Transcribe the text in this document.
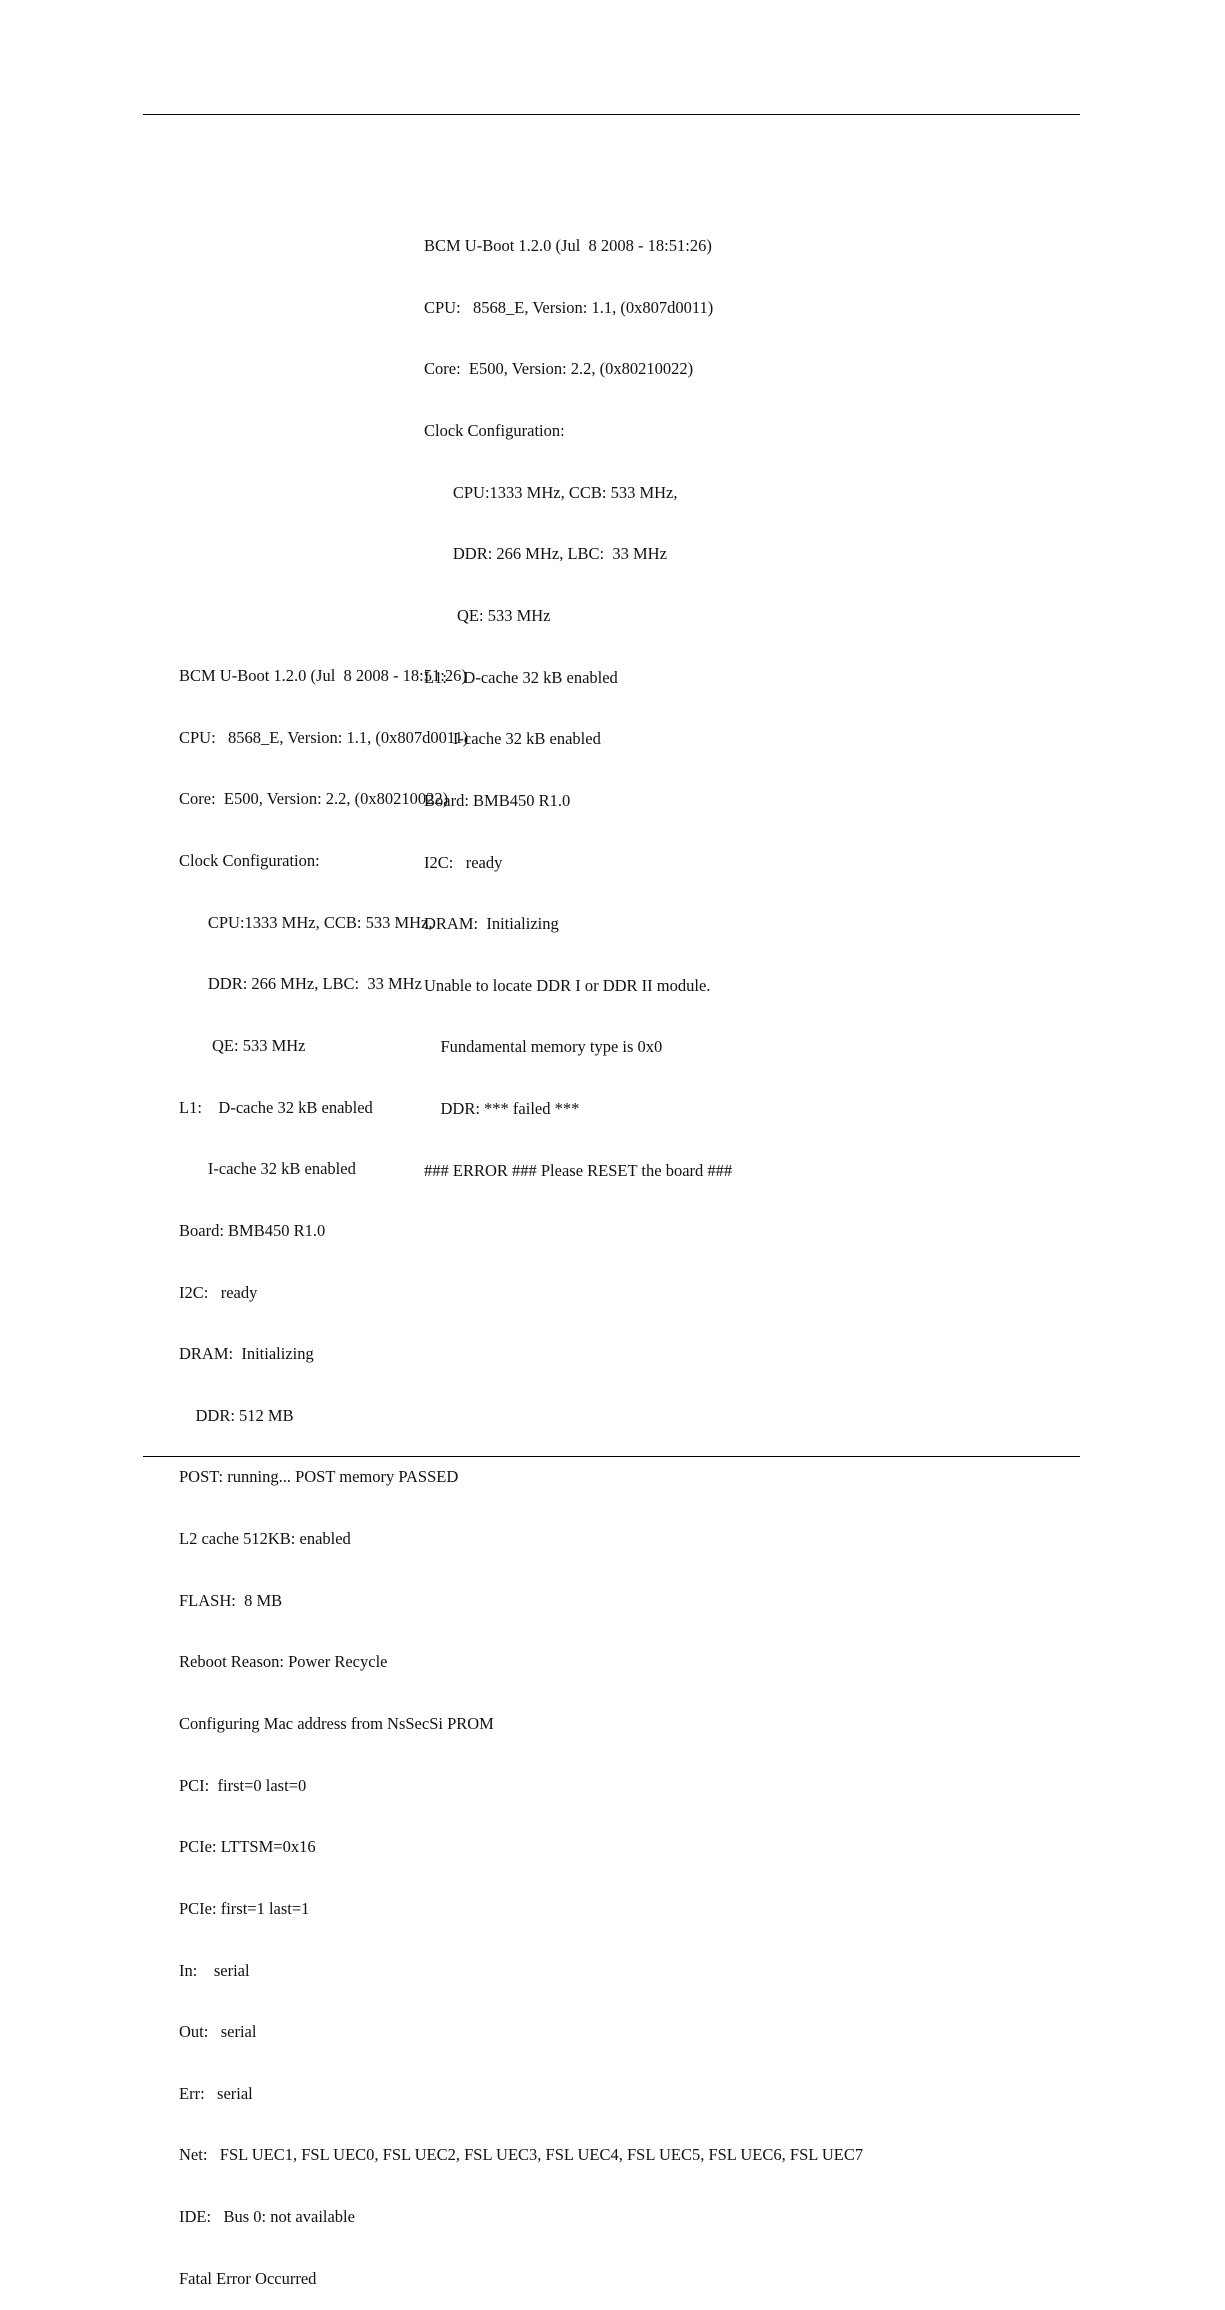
BCM U-Boot 1.2.0 (Jul  8 2008 - 18:51:26)

CPU:   8568_E, Version: 1.1, (0x807d0011)

Core:  E500, Version: 2.2, (0x80210022)

Clock Configuration:

CPU:1333 MHz, CCB: 533 MHz,

DDR: 266 MHz, LBC:  33 MHz

QE: 533 MHz

L1:    D-cache 32 kB enabled

I-cache 32 kB enabled

Board: BMB450 R1.0

I2C:   ready

DRAM:  Initializing

Unable to locate DDR I or DDR II module.

Fundamental memory type is 0x0

DDR: *** failed ***

### ERROR ### Please RESET the board ###

BCM U-Boot 1.2.0 (Jul  8 2008 - 18:51:26)

CPU:   8568_E, Version: 1.1, (0x807d0011)

Core:  E500, Version: 2.2, (0x80210022)

Clock Configuration:

CPU:1333 MHz, CCB: 533 MHz,

DDR: 266 MHz, LBC:  33 MHz

QE: 533 MHz

L1:    D-cache 32 kB enabled

I-cache 32 kB enabled

Board: BMB450 R1.0

I2C:   ready

DRAM:  Initializing

DDR: 512 MB

POST: running... POST memory PASSED

L2 cache 512KB: enabled

FLASH:  8 MB

Reboot Reason: Power Recycle

Configuring Mac address from NsSecSi PROM

PCI:  first=0 last=0

PCIe: LTTSM=0x16

PCIe: first=1 last=1

In:    serial

Out:   serial

Err:   serial

Net:   FSL UEC1, FSL UEC0, FSL UEC2, FSL UEC3, FSL UEC4, FSL UEC5, FSL UEC6, FSL UEC7

IDE:   Bus 0: not available

Fatal Error Occurred
